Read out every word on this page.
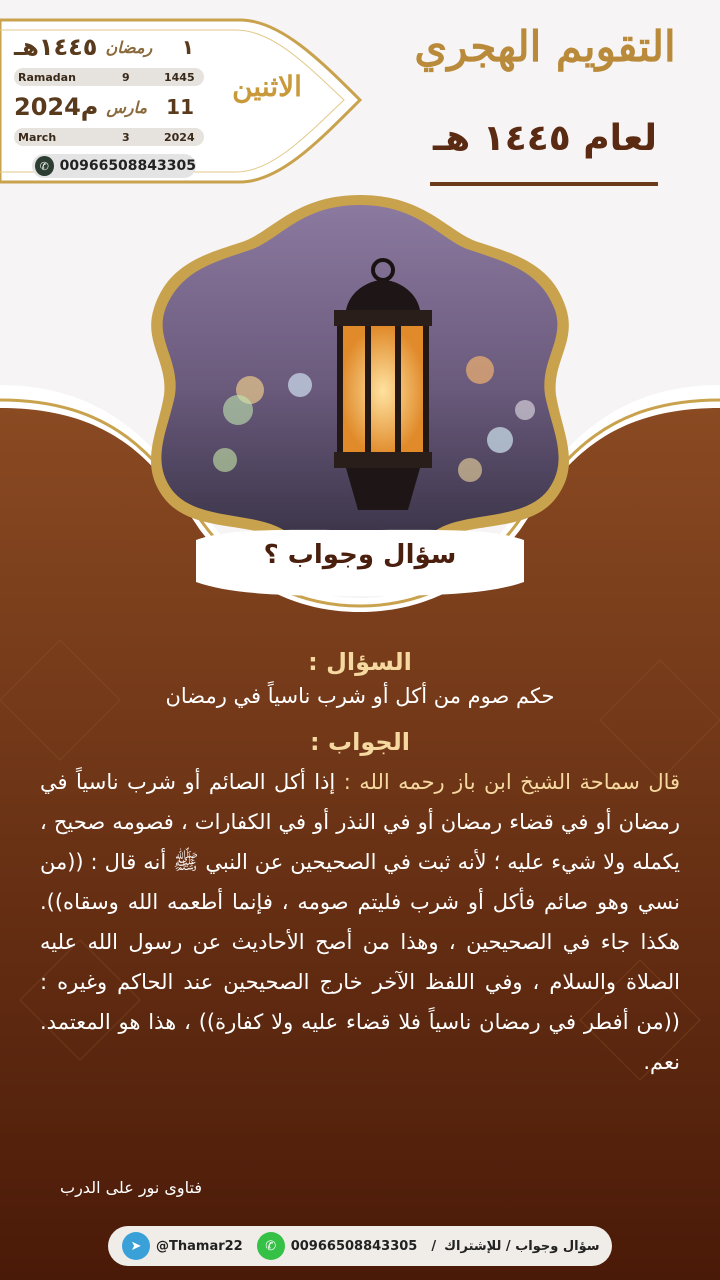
١٤٤٥هـ رمضان ١
Ramadan	9	1445
2024م مارس 11
March	3	2024
✆ 00966508843305
الاثنين
التقويم الهجري
لعام ١٤٤٥ هـ
سؤال وجواب ؟

السؤال :

حكم صوم من أكل أو شرب ناسياً في رمضان

الجواب :

قال سماحة الشيخ ابن باز رحمه الله : إذا أكل الصائم أو شرب ناسياً في رمضان أو في قضاء رمضان أو في النذر أو في الكفارات ، فصومه صحيح ، يكمله ولا شيء عليه ؛ لأنه ثبت في الصحيحين عن النبي ﷺ أنه قال : ((من نسي وهو صائم فأكل أو شرب فليتم صومه ، فإنما أطعمه الله وسقاه)). هكذا جاء في الصحيحين ، وهذا من أصح الأحاديث عن رسول الله عليه الصلاة والسلام ، وفي اللفظ الآخر خارج الصحيحين عند الحاكم وغيره : ((من أفطر في رمضان ناسياً فلا قضاء عليه ولا كفارة)) ، هذا هو المعتمد. نعم.

فتاوى نور على الدرب
➤	@Thamar22	✆	00966508843305 / سؤال وجواب / للإشتراك
